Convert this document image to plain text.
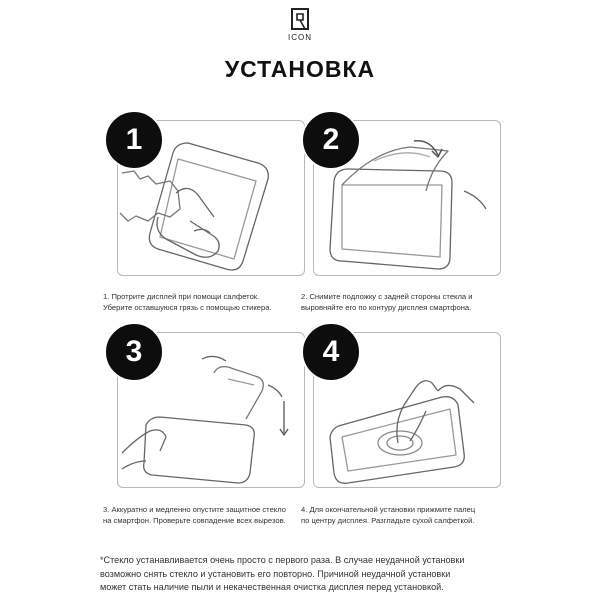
ICON
УСТАНОВКА
1	2
1. Протрите дисплей при помощи салфеток.
Уберите оставшуюся грязь с помощью стикера.
2. Снимите подложку с задней стороны стекла и
выровняйте его по контуру дисплея смартфона.
3	4
3. Аккуратно и медленно опустите защитное стекло
на смартфон. Проверьте совпадение всех вырезов.
4. Для окончательной установки прижмите палец
по центру дисплея. Разгладьте сухой салфеткой.
*Стекло устанавливается очень просто с первого раза. В случае неудачной установки
возможно снять стекло и установить его повторно. Причиной неудачной установки
может стать наличие пыли и некачественная очистка дисплея перед установкой.
